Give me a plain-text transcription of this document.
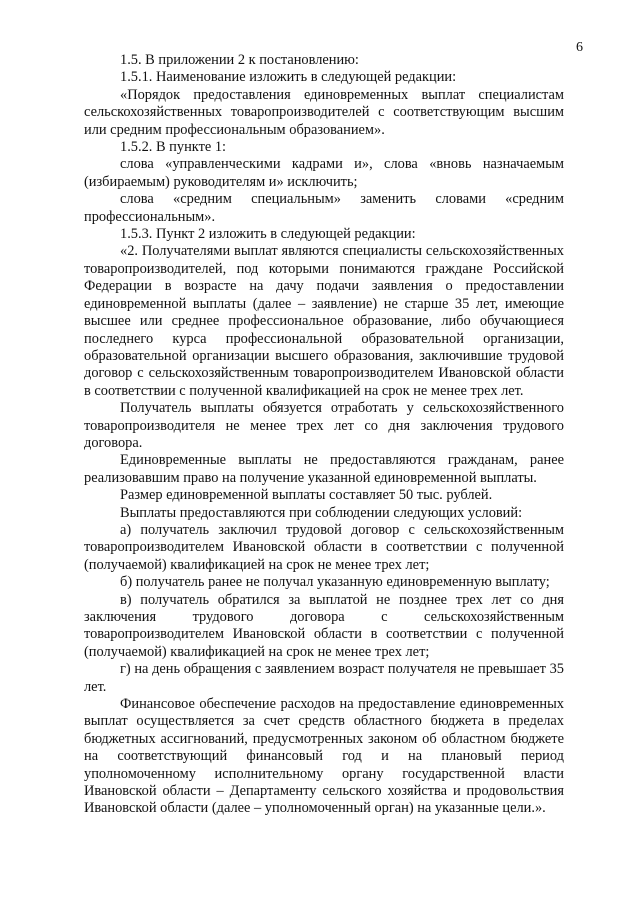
6

1.5. В приложении 2 к постановлению:

1.5.1. Наименование изложить в следующей редакции:

«Порядок предоставления единовременных выплат специалистам сельскохозяйственных товаропроизводителей с соответствующим высшим или средним профессиональным образованием».

1.5.2. В пункте 1:

слова «управленческими кадрами и», слова «вновь назначаемым (избираемым) руководителям и» исключить;

слова «средним специальным» заменить словами «средним профессиональным».

1.5.3. Пункт 2 изложить в следующей редакции:

«2. Получателями выплат являются специалисты сельскохозяйственных товаропроизводителей, под которыми понимаются граждане Российской Федерации в возрасте на дачу подачи заявления о предоставлении единовременной выплаты (далее – заявление) не старше 35 лет, имеющие высшее или среднее профессиональное образование, либо обучающиеся последнего курса профессиональной образовательной организации, образовательной организации высшего образования, заключившие трудовой договор с сельскохозяйственным товаропроизводителем Ивановской области в соответствии с полученной квалификацией на срок не менее трех лет.

Получатель выплаты обязуется отработать у сельскохозяйственного товаропроизводителя не менее трех лет со дня заключения трудового договора.

Единовременные выплаты не предоставляются гражданам, ранее реализовавшим право на получение указанной единовременной выплаты.

Размер единовременной выплаты составляет 50 тыс. рублей.

Выплаты предоставляются при соблюдении следующих условий:

а) получатель заключил трудовой договор с сельскохозяйственным товаропроизводителем Ивановской области в соответствии с полученной (получаемой) квалификацией на срок не менее трех лет;

б) получатель ранее не получал указанную единовременную выплату;

в) получатель обратился за выплатой не позднее трех лет со дня заключения трудового договора с сельскохозяйственным товаропроизводителем Ивановской области в соответствии с полученной (получаемой) квалификацией на срок не менее трех лет;

г) на день обращения с заявлением возраст получателя не превышает 35 лет.

Финансовое обеспечение расходов на предоставление единовременных выплат осуществляется за счет средств областного бюджета в пределах бюджетных ассигнований, предусмотренных законом об областном бюджете на соответствующий финансовый год и на плановый период уполномоченному исполнительному органу государственной власти Ивановской области – Департаменту сельского хозяйства и продовольствия Ивановской области (далее – уполномоченный орган) на указанные цели.».
